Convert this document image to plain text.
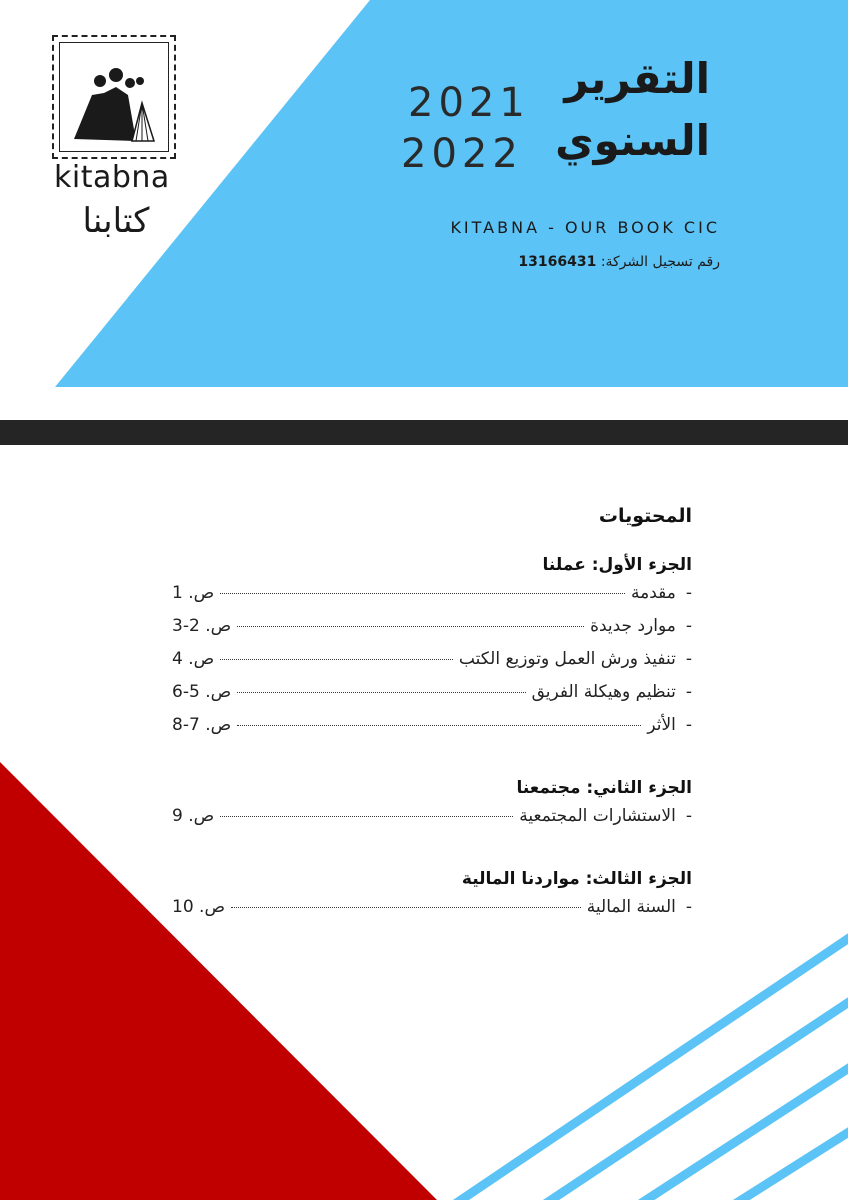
kitabna
كتابنا
2021
2022
التقرير
السنوي
KITABNA - OUR BOOK CIC
رقم تسجيل الشركة: 13166431
المحتويات
الجزء الأول: عملنا
-
مقدمة
ص. 1
-
موارد جديدة
ص. 2-3
-
تنفيذ ورش العمل وتوزيع الكتب
ص. 4
-
تنظيم وهيكلة الفريق
ص. 5-6
-
الأثر
ص. 7-8
الجزء الثاني: مجتمعنا
-
الاستشارات المجتمعية
ص. 9
الجزء الثالث: مواردنا المالية
-
السنة المالية
ص. 10
